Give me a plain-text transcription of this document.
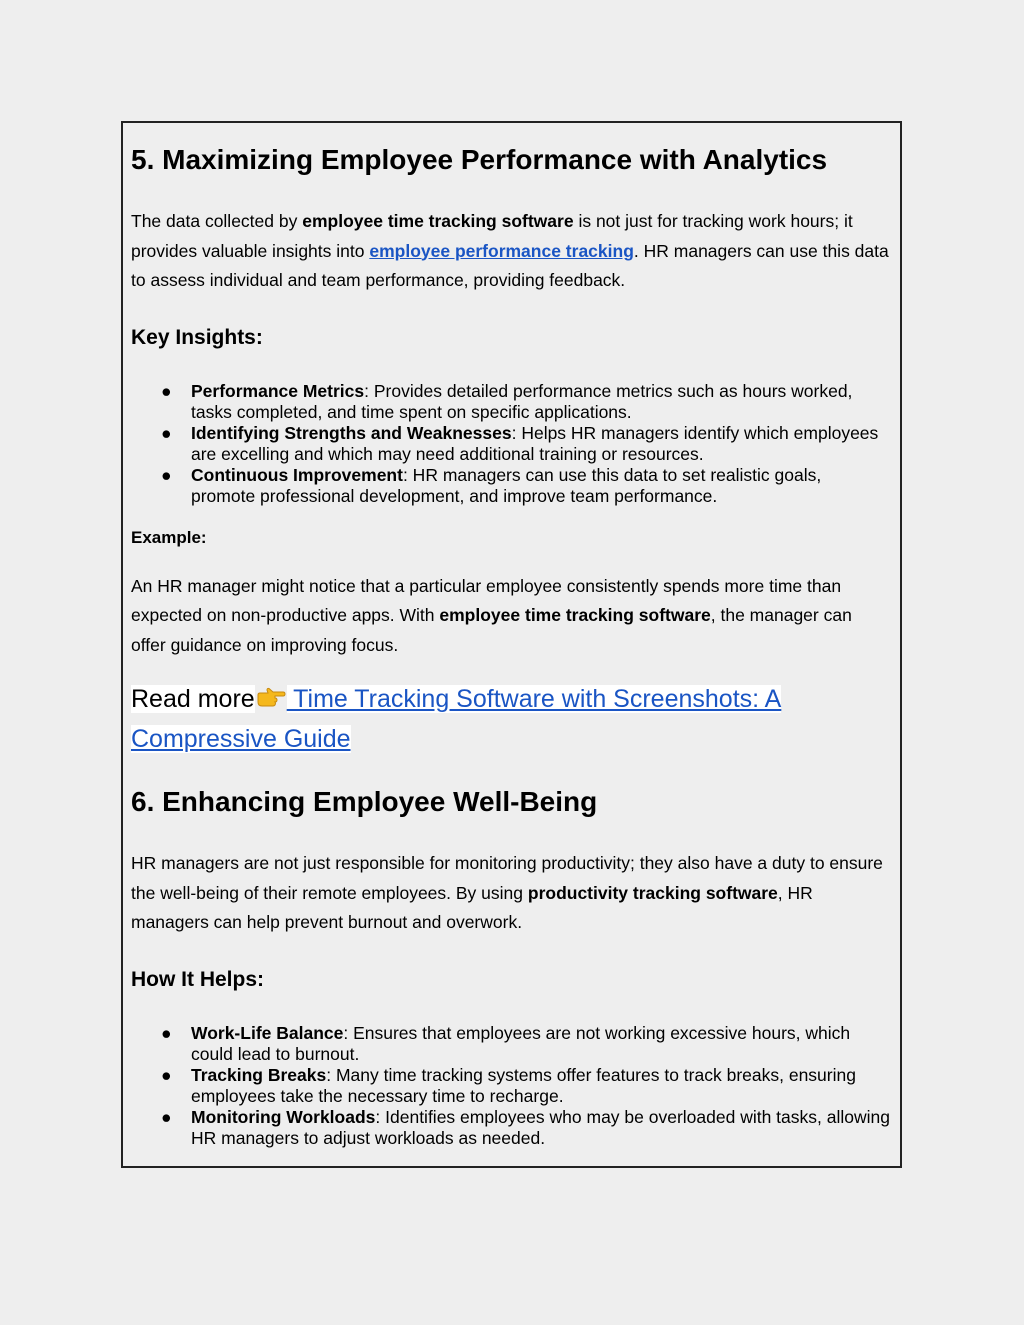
5. Maximizing Employee Performance with Analytics

The data collected by employee time tracking software is not just for tracking work hours; it provides valuable insights into employee performance tracking. HR managers can use this data to assess individual and team performance, providing feedback.

Key Insights:
● Performance Metrics: Provides detailed performance metrics such as hours worked, tasks completed, and time spent on specific applications.
● Identifying Strengths and Weaknesses: Helps HR managers identify which employees are excelling and which may need additional training or resources.
● Continuous Improvement: HR managers can use this data to set realistic goals, promote professional development, and improve team performance.

Example:

An HR manager might notice that a particular employee consistently spends more time than expected on non-productive apps. With employee time tracking software, the manager can offer guidance on improving focus.

Read more Time Tracking Software with Screenshots: A Compressive Guide

6. Enhancing Employee Well-Being

HR managers are not just responsible for monitoring productivity; they also have a duty to ensure the well-being of their remote employees. By using productivity tracking software, HR managers can help prevent burnout and overwork.

How It Helps:
● Work-Life Balance: Ensures that employees are not working excessive hours, which could lead to burnout.
● Tracking Breaks: Many time tracking systems offer features to track breaks, ensuring employees take the necessary time to recharge.
● Monitoring Workloads: Identifies employees who may be overloaded with tasks, allowing HR managers to adjust workloads as needed.
